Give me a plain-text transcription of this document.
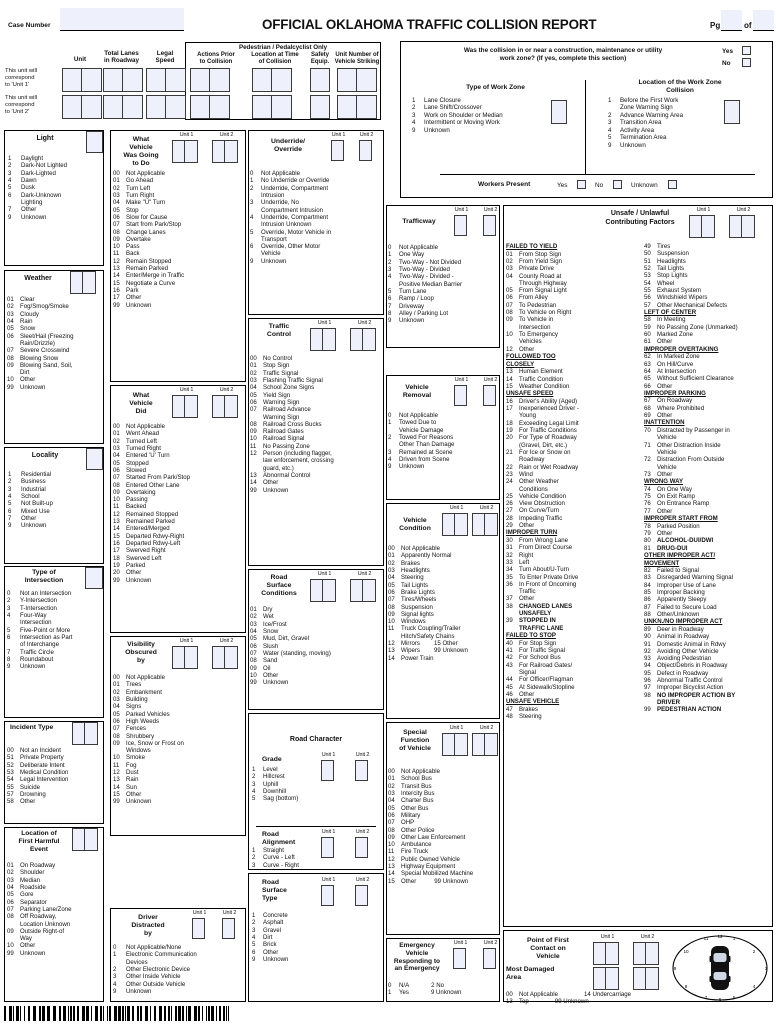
Case Number	OFFICIAL OKLAHOMA TRAFFIC COLLISION REPORT	Pg	of
Unit
Total Lanes
in Roadway
Legal
Speed
Pedestrian / Pedalcyclist Only
Actions Prior
to Collision
Location at Time
of Collision
Safety
Equip.
Unit Number of
Vehicle Striking
This unit will
correspond
to 'Unit 1'
This unit will
correspond
to 'Unit 2'
Was the collision in or near a construction, maintenance or utility
work zone? (If yes, complete this section)
Yes
No
Type of Work Zone
1	Lane Closure
2	Lane Shift/Crossover
3	Work on Shoulder or Median
4	Intermittent or Moving Work
9	Unknown
Location of the Work Zone
Collision
1	Before the First Work
Zone Warning Sign
2	Advance Warning Area
3	Transition Area
4	Activity Area
5	Termination Area
9	Unknown
Workers Present	Yes	No	Unknown
Light
1	Daylight
2	Dark-Not Lighted
3	Dark-Lighted
4	Dawn
5	Dusk
6	Dark-Unknown
Lighting
7	Other
9	Unknown
Weather
01	Clear
02	Fog/Smog/Smoke
03	Cloudy
04	Rain
05	Snow
06	Sleet/Hail (Freezing
Rain/Drizzle)
07	Severe Crosswind
08	Blowing Snow
09	Blowing Sand, Soil,
Dirt
10	Other
99	Unknown
Locality
1	Residential
2	Business
3	Industrial
4	School
5	Not Built-up
6	Mixed Use
7	Other
9	Unknown
Type of
Intersection
0	Not an Intersection
2	Y-Intersection
3	T-Intersection
4	Four-Way
Intersection
5	Five-Point or More
6	Intersection as Part
of Interchange
7	Traffic Circle
8	Roundabout
9	Unknown
Incident Type
00	Not an Incident
51	Private Property
52	Deliberate Intent
53	Medical Condition
54	Legal Intervention
55	Suicide
57	Drowning
58	Other
Location of
First Harmful
Event
01	On Roadway
02	Shoulder
03	Median
04	Roadside
05	Gore
06	Separator
07	Parking Lane/Zone
08	Off Roadway,
Location Unknown
09	Outside Right-of
Way
10	Other
99	Unknown
What
Vehicle
Was Going
to Do
Unit 1	Unit 2
00	Not Applicable
01	Go Ahead
02	Turn Left
03	Turn Right
04	Make "U" Turn
05	Stop
06	Slow for Cause
07	Start from Park/Stop
08	Change Lanes
09	Overtake
10	Pass
11	Back
12	Remain Stopped
13	Remain Parked
14	Enter/Merge in Traffic
15	Negotiate a Curve
16	Park
17	Other
99	Unknown
What
Vehicle
Did
Unit 1	Unit 2
00	Not Applicable
01	Went Ahead
02	Turned Left
03	Turned Right
04	Entered 'U' Turn
05	Stopped
06	Slowed
07	Started From Park/Stop
08	Entered Other Lane
09	Overtaking
10	Passing
11	Backed
12	Remained Stopped
13	Remained Parked
14	Entered/Merged
15	Departed Rdwy-Right
16	Departed Rdwy-Left
17	Swerved Right
18	Swerved Left
19	Parked
20	Other
99	Unknown
Visibility
Obscured
by
Unit 1	Unit 2
00	Not Applicable
01	Trees
02	Embankment
03	Building
04	Signs
05	Parked Vehicles
06	High Weeds
07	Fences
08	Shrubbery
09	Ice, Snow or Frost on
Windows
10	Smoke
11	Fog
12	Dust
13	Rain
14	Sun
15	Other
99	Unknown
Driver
Distracted
by
Unit 1	Unit 2
0	Not Applicable/None
1	Electronic Communication
Devices
2	Other Electronic Device
3	Other Inside Vehicle
4	Other Outside Vehicle
9	Unknown
Underride/
Override
Unit 1	Unit 2
0	Not Applicable
1	No Underride or Override
2	Underride, Compartment
Intrusion
3	Underride, No
Compartment Intrusion
4	Underride, Compartment
Intrusion Unknown
5	Override, Motor Vehicle in
Transport
6	Override, Other Motor
Vehicle
9	Unknown
Traffic
Control
Unit 1	Unit 2
00	No Control
01	Stop Sign
02	Traffic Signal
03	Flashing Traffic Signal
04	School Zone Signs
05	Yield Sign
06	Warning Sign
07	Railroad Advance
Warning Sign
08	Railroad Cross Bucks
09	Railroad Gates
10	Railroad Signal
11	No Passing Zone
12	Person (including flagger,
law enforcement, crossing
guard, etc.)
13	Abnormal Control
14	Other
99	Unknown
Road
Surface
Conditions
Unit 1	Unit 2
01	Dry
02	Wet
03	Ice/Frost
04	Snow
05	Mud, Dirt, Gravel
06	Slush
07	Water (standing, moving)
08	Sand
09	Oil
10	Other
99	Unknown
Road Character
Grade
Unit 1	Unit 2
1	Level
2	Hillcrest
3	Uphill
4	Downhill
5	Sag (bottom)
Road
Alignment
Unit 1	Unit 2
1	Straight
2	Curve - Left
3	Curve - Right
Road
Surface
Type
Unit 1	Unit 2
1	Concrete
2	Asphalt
3	Gravel
4	Dirt
5	Brick
6	Other
9	Unknown
Trafficway
Unit 1	Unit 2
0	Not Applicable
1	One Way
2	Two-Way - Not Divided
3	Two-Way - Divided
4	Two-Way - Divided -
Positive Median Barrier
5	Turn Lane
6	Ramp / Loop
7	Driveway
8	Alley / Parking Lot
9	Unknown
Vehicle
Removal
Unit 1	Unit 2
0	Not Applicable
1	Towed Due to
Vehicle Damage
2	Towed For Reasons
Other Than Damage
3	Remained at Scene
4	Driven from Scene
9	Unknown
Vehicle
Condition
Unit 1	Unit 2
00	Not Applicable
01	Apparently Normal
02	Brakes
03	Headlights
04	Steering
05	Tail Lights
06	Brake Lights
07	Tires/Wheels
08	Suspension
09	Signal lights
10	Windows
11	Truck Coupling/Trailer
Hitch/Safety Chains
12	Mirrors 15 Other
13	Wipers 99 Unknown
14	Power Train
Special
Function
of Vehicle
Unit 1	Unit 2
00	Not Applicable
01	School Bus
02	Transit Bus
03	Intercity Bus
04	Charter Bus
05	Other Bus
06	Military
07	OHP
08	Other Police
09	Other Law Enforcement
10	Ambulance
11	Fire Truck
12	Public Owned Vehicle
13	Highway Equipment
14	Special Mobilized Machine
15	Other	99 Unknown
Emergency
Vehicle
Responding to
an Emergency
Unit 1	Unit 2
0	N/A	2 No
1	Yes	9 Unknown
Unsafe / Unlawful
Contributing Factors
Unit 1	Unit 2
FAILED TO YIELD
01	From Stop Sign
02	From Yield Sign
03	Private Drive
04	County Road at
Through Highway
05	From Signal Light
06	From Alley
07	To Pedestrian
08	To Vehicle on Right
09	To Vehicle in
Intersection
10	To Emergency
Vehicles
12	Other
FOLLOWED TOO
CLOSELY
13	Human Element
14	Traffic Condition
15	Weather Condition
UNSAFE SPEED
16	Driver's Ability (Aged)
17	Inexperienced Driver -
Young
18	Exceeding Legal Limit
19	For Traffic Conditions
20	For Type of Roadway
(Gravel, Dirt, etc.)
21	For Ice or Snow on
Roadway
22	Rain or Wet Roadway
23	Wind
24	Other Weather
Conditions
25	Vehicle Condition
26	View Obstruction
27	On Curve/Turn
28	Impeding Traffic
29	Other
IMPROPER TURN
30	From Wrong Lane
31	From Direct Course
32	Right
33	Left
34	Turn About/U-Turn
35	To Enter Private Drive
36	In Front of Oncoming
Traffic
37	Other
38	CHANGED LANES
UNSAFELY
39	STOPPED IN
TRAFFIC LANE
FAILED TO STOP
40	For Stop Sign
41	For Traffic Signal
42	For School Bus
43	For Railroad Gates/
Signal
44	For Officer/Flagman
45	At Sidewalk/Stopline
46	Other
UNSAFE VEHICLE
47	Brakes
48	Steering
49	Tires
50	Suspension
51	Headlights
52	Tail Lights
53	Stop Lights
54	Wheel
55	Exhaust System
56	Windshield Wipers
57	Other Mechanical Defects
LEFT OF CENTER
58	In Meeting
59	No Passing Zone (Unmarked)
60	Marked Zone
61	Other
IMPROPER OVERTAKING
62	In Marked Zone
63	On Hill/Curve
64	At Intersection
65	Without Sufficient Clearance
66	Other
IMPROPER PARKING
67	On Roadway
68	Where Prohibited
69	Other
INATTENTION
70	Distracted by Passenger in
Vehicle
71	Other Distraction Inside
Vehicle
72	Distraction From Outside
Vehicle
73	Other
WRONG WAY
74	On One Way
75	On Exit Ramp
76	On Entrance Ramp
77	Other
IMPROPER START FROM
78	Parked Position
79	Other
80	ALCOHOL-DUI/DWI
81	DRUG-DUI
OTHER IMPROPER ACT/
MOVEMENT
82	Failed to Signal
83	Disregarded Warning Signal
84	Improper Use of Lane
85	Improper Backing
86	Apparently Sleepy
87	Failed to Secure Load
88	Other/Unknown
UNKN./NO IMPROPER ACT
89	Deer in Roadway
90	Animal in Roadway
91	Domestic Animal in Rdwy
92	Avoiding Other Vehicle
93	Avoiding Pedestrian
94	Object/Debris in Roadway
95	Defect in Roadway
96	Abnormal Traffic Control
97	Improper Bicyclist Action
98	NO IMPROPER ACTION BY
DRIVER
99	PEDESTRIAN ACTION
Point of First
Contact on
Vehicle
Unit 1	Unit 2
Most Damaged
Area
00	Not Applicable	14 Undercarriage
13	Top	99 Unknown
11 12 1
2
3
4
5
6
7
8
9
10
